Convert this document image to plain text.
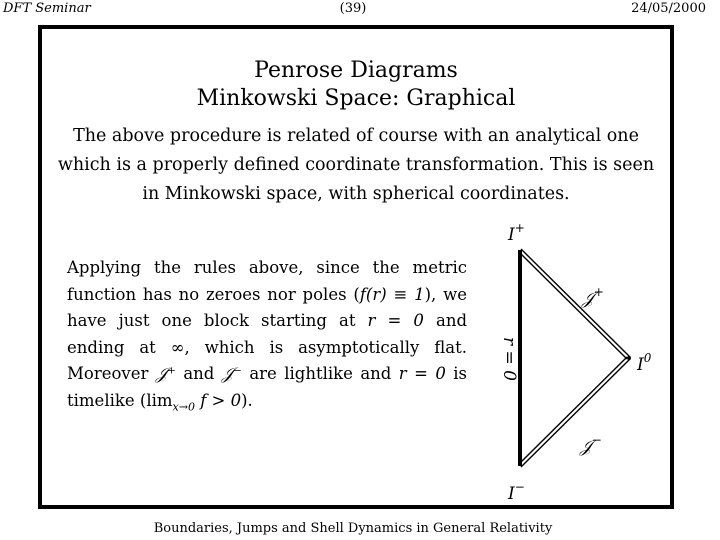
DFT Seminar	(39)	24/05/2000
Penrose Diagrams
Minkowski Space: Graphical
The above procedure is related of course with an analytical one which is a properly defined coordinate transformation. This is seen in Minkowski space, with spherical coordinates.

Applying the rules above, since the metric function has no zeroes nor poles (f(r) ≡ 1), we have just one block starting at r = 0 and ending at ∞, which is asymptotically flat. Moreover 𝒥⁺ and 𝒥⁻ are lightlike and r = 0 is timelike ($\lim_{x\to 0}$ f > 0).

I+
I−
$I^0$
𝒥+
𝒥−
r = 0
Boundaries, Jumps and Shell Dynamics in General Relativity
